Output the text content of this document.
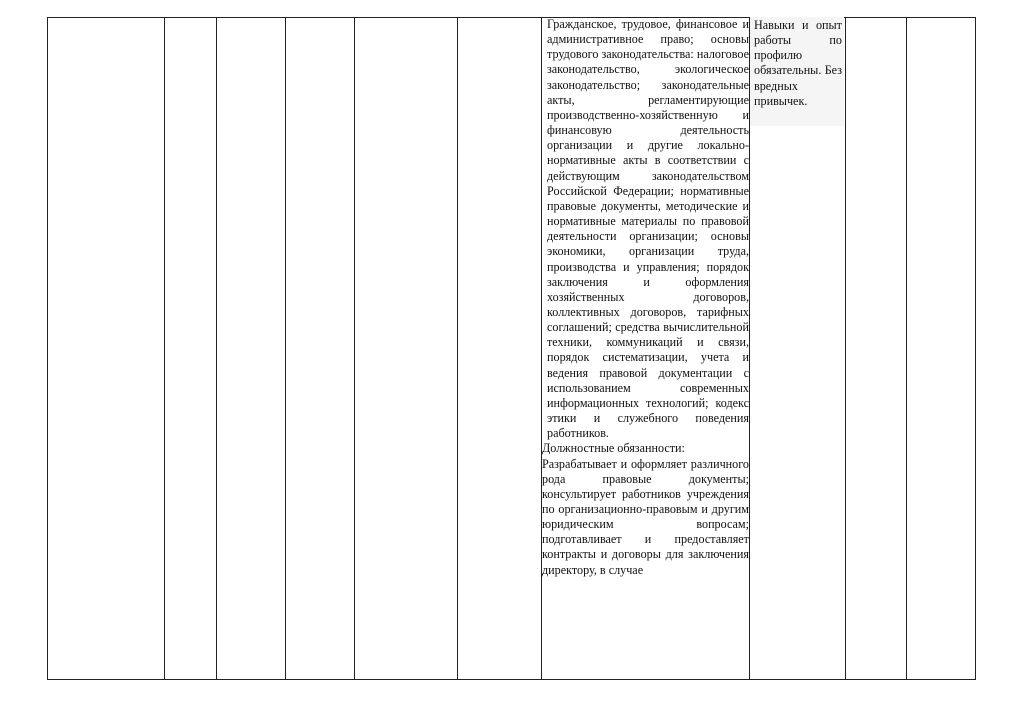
Гражданское, трудовое, финансовое и административное право; основы трудового законодательства: налоговое законодательство, экологическое законодательство; законодательные акты, регламентирующие производственно-хозяйственную и финансовую деятельность организации и другие локально-нормативные акты в соответствии с действующим законодательством Российской Федерации; нормативные правовые документы, методические и нормативные материалы по правовой деятельности организации; основы экономики, организации труда, производства и управления; порядок заключения и оформления хозяйственных договоров, коллективных договоров, тарифных соглашений; средства вычислительной техники, коммуникаций и связи, порядок систематизации, учета и ведения правовой документации с использованием современных информационных технологий; кодекс этики и служебного поведения работников.

Должностные обязанности:

Разрабатывает и оформляет различного рода правовые документы; консультирует работников учреждения по организационно-правовым и другим юридическим вопросам; подготавливает и предоставляет контракты и договоры для заключения директору, в случае

Навыки и опыт работы по профилю обязательны. Без вредных привычек.
